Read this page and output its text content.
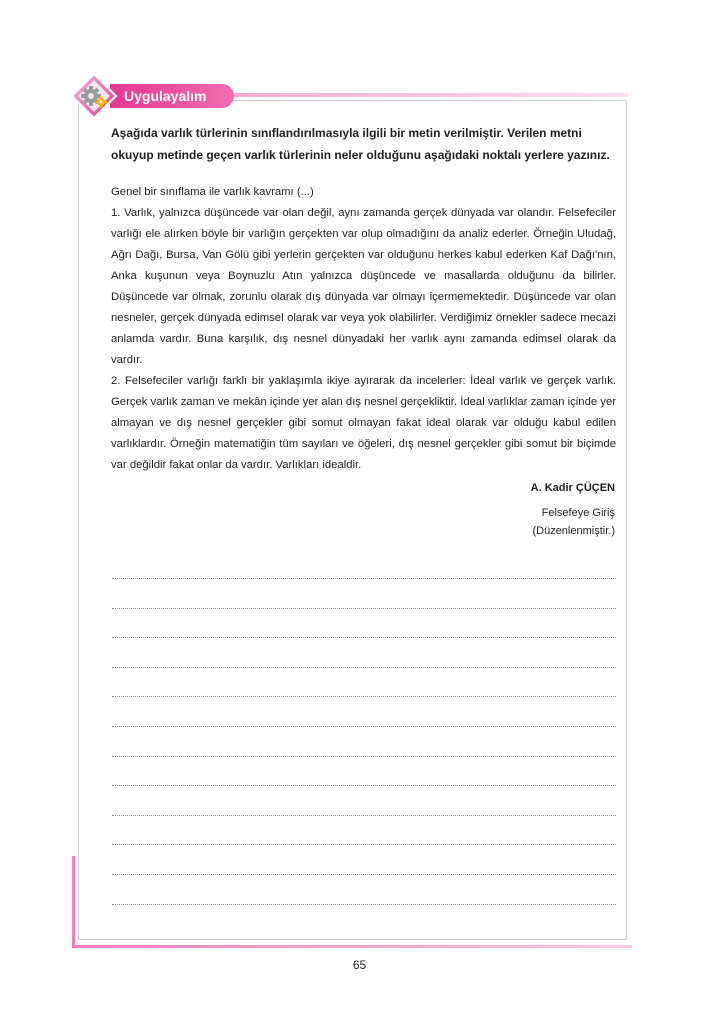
Uygulayalım
Aşağıda varlık türlerinin sınıflandırılmasıyla ilgili bir metin verilmiştir. Verilen metni okuyup metinde geçen varlık türlerinin neler olduğunu aşağıdaki noktalı yerlere yazınız.

Genel bir sınıflama ile varlık kavramı (...)

1. Varlık, yalnızca düşüncede var olan değil, aynı zamanda gerçek dünyada var olandır. Felsefeciler varlığı ele alırken böyle bir varlığın gerçekten var olup olmadığını da analiz ederler. Örneğin Uludağ, Ağrı Dağı, Bursa, Van Gölü gibi yerlerin gerçekten var olduğunu herkes kabul ederken Kaf Dağı'nın, Anka kuşunun veya Boynuzlu Atın yalnızca düşüncede ve masallarda olduğunu da bilirler. Düşüncede var olmak, zorunlu olarak dış dünyada var olmayı içermemektedir. Düşüncede var olan nesneler, gerçek dünyada edimsel olarak var veya yok olabilirler. Verdiğimiz örnekler sadece mecazi anlamda vardır. Buna karşılık, dış nesnel dünyadaki her varlık aynı zamanda edimsel olarak da vardır.

2. Felsefeciler varlığı farklı bir yaklaşımla ikiye ayırarak da incelerler: İdeal varlık ve gerçek varlık. Gerçek varlık zaman ve mekân içinde yer alan dış nesnel gerçekliktir. İdeal varlıklar zaman içinde yer almayan ve dış nesnel gerçekler gibi somut olmayan fakat ideal olarak var olduğu kabul edilen varlıklardır. Örneğin matematiğin tüm sayıları ve öğeleri, dış nesnel gerçekler gibi somut bir biçimde var değildir fakat onlar da vardır. Varlıkları idealdir.

A. Kadir ÇÜÇEN
Felsefeye Giriş
(Düzenlenmiştir.)
65
